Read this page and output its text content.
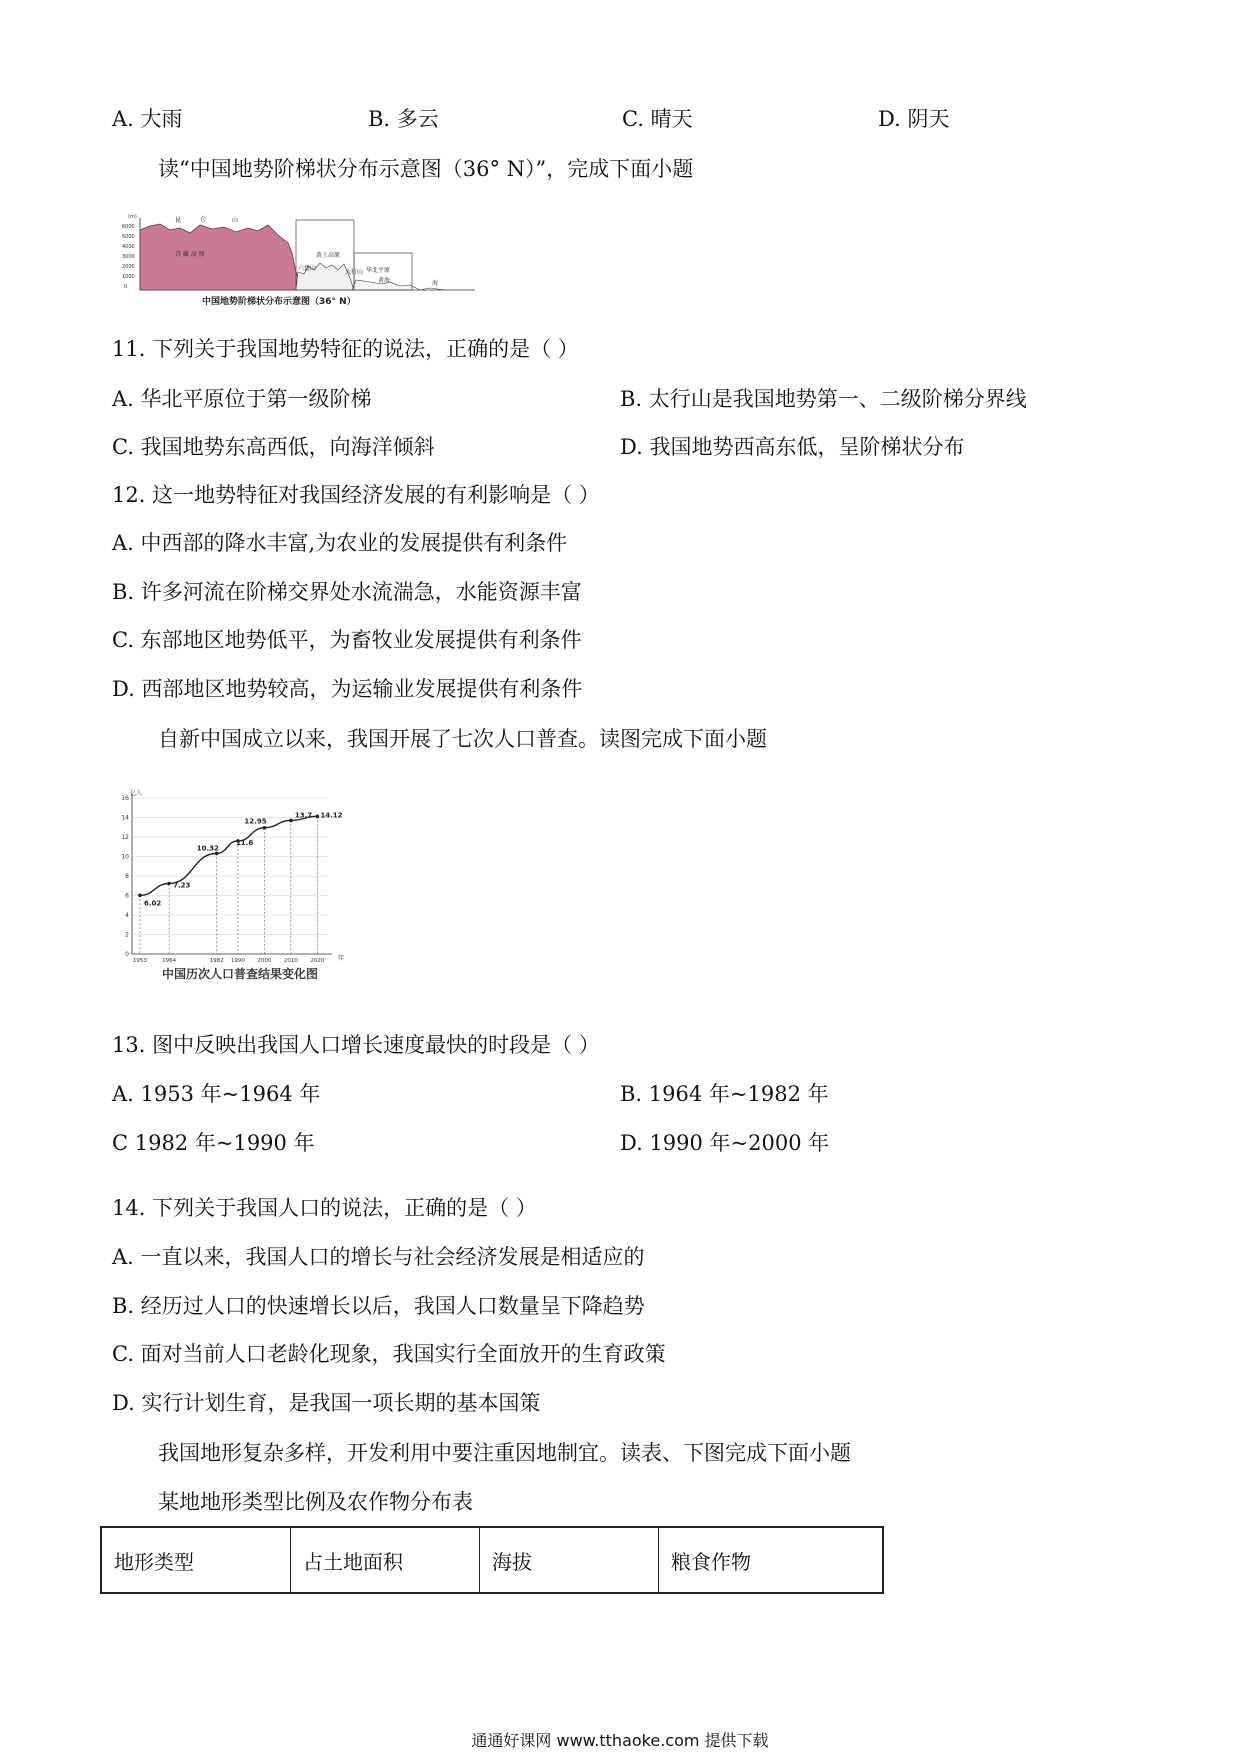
A. 大雨	B. 多云	C. 晴天	D. 阴天
读“中国地势阶梯状分布示意图（36° N）”，完成下面小题
(m)
6000
5000
4000
3000
2000
1000
0
昆	仑	山
青 藏 高 原	黄土高原
六盘山
太行山 华北平原
黄海	海
中国地势阶梯状分布示意图（36° N）
11. 下列关于我国地势特征的说法，正确的是（ ）
A. 华北平原位于第一级阶梯	B. 太行山是我国地势第一、二级阶梯分界线
C. 我国地势东高西低，向海洋倾斜	D. 我国地势西高东低，呈阶梯状分布
12. 这一地势特征对我国经济发展的有利影响是（ ）
A. 中西部的降水丰富,为农业的发展提供有利条件
B. 许多河流在阶梯交界处水流湍急，水能资源丰富
C. 东部地区地势低平，为畜牧业发展提供有利条件
D. 西部地区地势较高，为运输业发展提供有利条件
自新中国成立以来，我国开展了七次人口普查。读图完成下面小题
亿人
年
中国历次人口普查结果变化图
0
2
4
6
8
10
12
14
16
1953	1964	1982 1990 2000 2010 2020
6.02
7.23
10.32
11.6
12.95
13.7 14.12
13. 图中反映出我国人口增长速度最快的时段是（ ）
A. 1953 年~1964 年	B. 1964 年~1982 年
C 1982 年~1990 年	D. 1990 年~2000 年
14. 下列关于我国人口的说法，正确的是（ ）
A. 一直以来，我国人口的增长与社会经济发展是相适应的
B. 经历过人口的快速增长以后，我国人口数量呈下降趋势
C. 面对当前人口老龄化现象，我国实行全面放开的生育政策
D. 实行计划生育，是我国一项长期的基本国策
我国地形复杂多样，开发利用中要注重因地制宜。读表、下图完成下面小题
某地地形类型比例及农作物分布表
地形类型	占土地面积	海拔	粮食作物
通通好课网 www.tthaoke.com 提供下载
